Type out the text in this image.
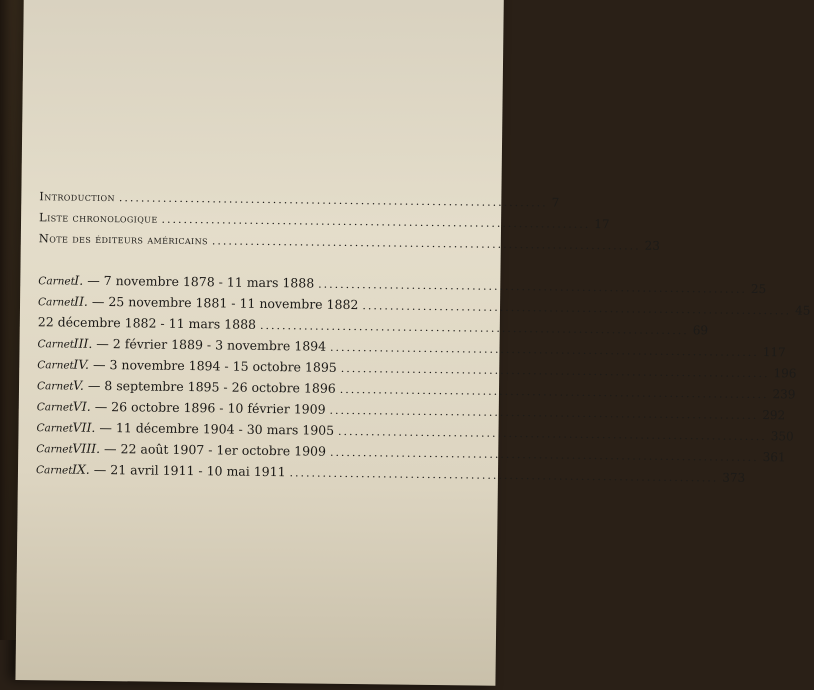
Introduction .............................................................................. 7
Liste chronologique .............................................................................. 17
Note des éditeurs américains .............................................................................. 23
Carnet I. — 7 novembre 1878 - 11 mars 1888 .............................................................................. 25
Carnet II. — 25 novembre 1881 - 11 novembre 1882 .............................................................................. 45
22 décembre 1882 - 11 mars 1888 .............................................................................. 69
Carnet III. — 2 février 1889 - 3 novembre 1894 .............................................................................. 117
Carnet IV. — 3 novembre 1894 - 15 octobre 1895 .............................................................................. 196
Carnet V. — 8 septembre 1895 - 26 octobre 1896 .............................................................................. 239
Carnet VI. — 26 octobre 1896 - 10 février 1909 .............................................................................. 292
Carnet VII. — 11 décembre 1904 - 30 mars 1905 .............................................................................. 350
Carnet VIII. — 22 août 1907 - 1er octobre 1909 .............................................................................. 361
Carnet IX. — 21 avril 1911 - 10 mai 1911 .............................................................................. 373
